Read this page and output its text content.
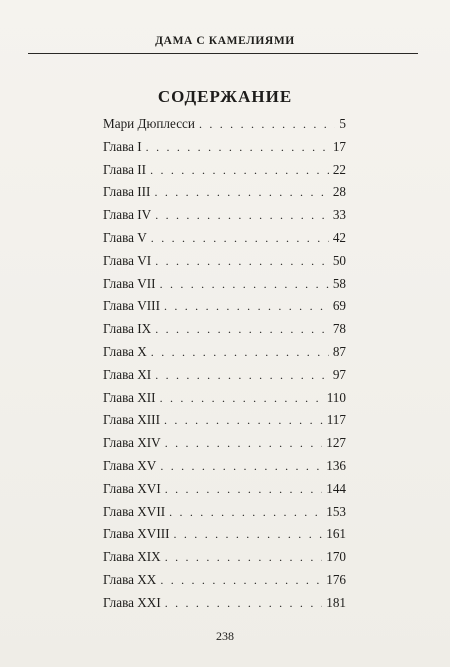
ДАМА С КАМЕЛИЯМИ
СОДЕРЖАНИЕ
Мари Дюплесси . . .	5
Глава I . . .	17
Глава II . . .	22
Глава III . . .	28
Глава IV . . .	33
Глава V . . .	42
Глава VI . . .	50
Глава VII . . .	58
Глава VIII . . .	69
Глава IX . . .	78
Глава X . . .	87
Глава XI . . .	97
Глава XII . . .	110
Глава XIII . . .	117
Глава XIV . . .	127
Глава XV . . .	136
Глава XVI . . .	144
Глава XVII . . .	153
Глава XVIII . . .	161
Глава XIX . . .	170
Глава XX . . .	176
Глава XXI . . .	181
238
